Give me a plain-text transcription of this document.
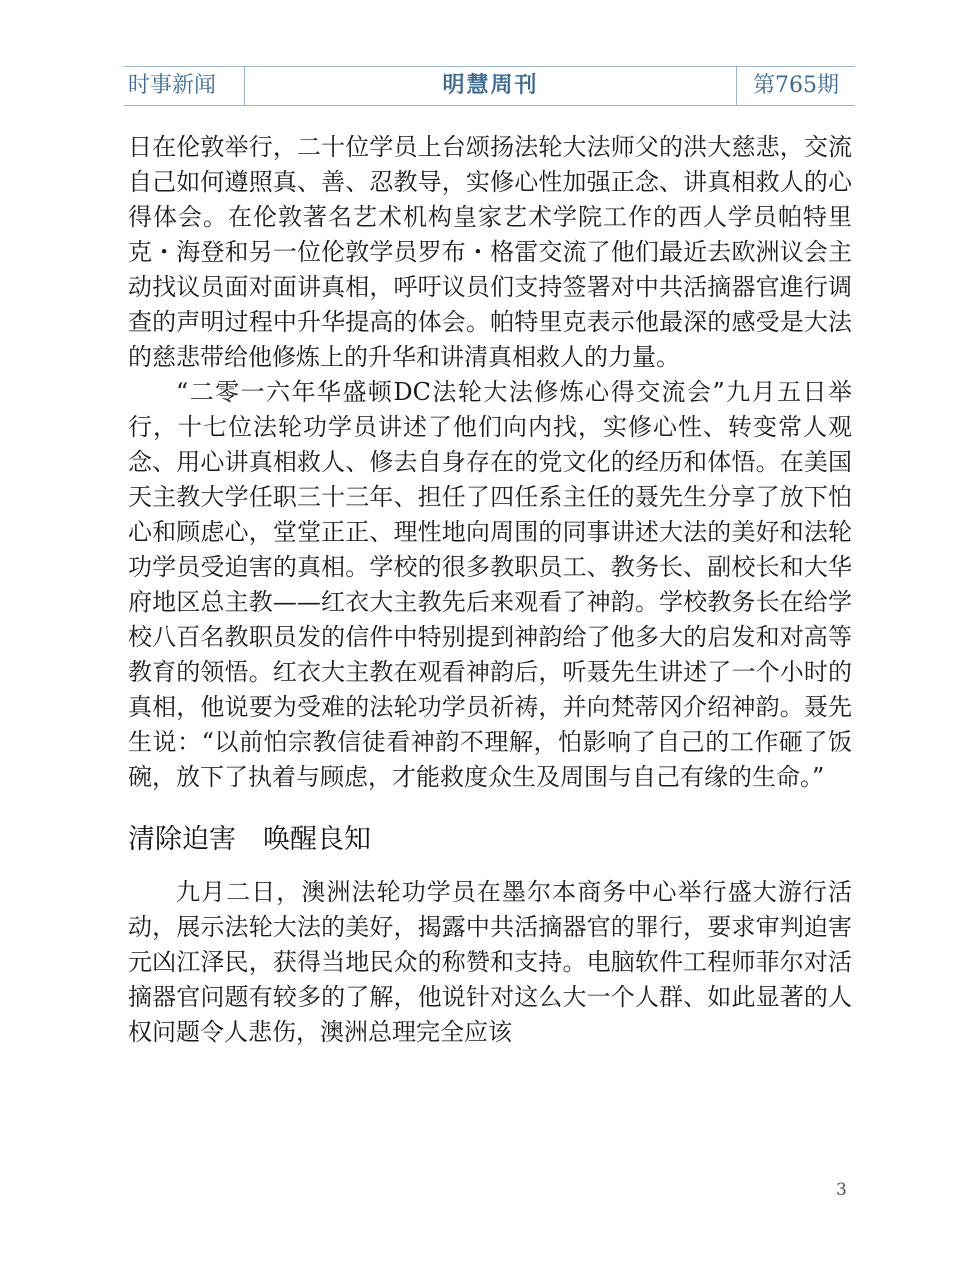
时事新闻	明慧周刊	第765期

日在伦敦举行，二十位学员上台颂扬法轮大法师父的洪大慈悲，交流自己如何遵照真、善、忍教导，实修心性加强正念、讲真相救人的心得体会。在伦敦著名艺术机构皇家艺术学院工作的西人学员帕特里克・海登和另一位伦敦学员罗布・格雷交流了他们最近去欧洲议会主动找议员面对面讲真相，呼吁议员们支持签署对中共活摘器官進行调查的声明过程中升华提高的体会。帕特里克表示他最深的感受是大法的慈悲带给他修炼上的升华和讲清真相救人的力量。

“二零一六年华盛顿DC法轮大法修炼心得交流会”九月五日举行，十七位法轮功学员讲述了他们向内找，实修心性、转变常人观念、用心讲真相救人、修去自身存在的党文化的经历和体悟。在美国天主教大学任职三十三年、担任了四任系主任的聂先生分享了放下怕心和顾虑心，堂堂正正、理性地向周围的同事讲述大法的美好和法轮功学员受迫害的真相。学校的很多教职员工、教务长、副校长和大华府地区总主教——红衣大主教先后来观看了神韵。学校教务长在给学校八百名教职员发的信件中特别提到神韵给了他多大的启发和对高等教育的领悟。红衣大主教在观看神韵后，听聂先生讲述了一个小时的真相，他说要为受难的法轮功学员祈祷，并向梵蒂冈介绍神韵。聂先生说：“以前怕宗教信徒看神韵不理解，怕影响了自己的工作砸了饭碗，放下了执着与顾虑，才能救度众生及周围与自己有缘的生命。”

清除迫害　唤醒良知

九月二日，澳洲法轮功学员在墨尔本商务中心举行盛大游行活动，展示法轮大法的美好，揭露中共活摘器官的罪行，要求审判迫害元凶江泽民，获得当地民众的称赞和支持。电脑软件工程师菲尔对活摘器官问题有较多的了解，他说针对这么大一个人群、如此显著的人权问题令人悲伤，澳洲总理完全应该

3
